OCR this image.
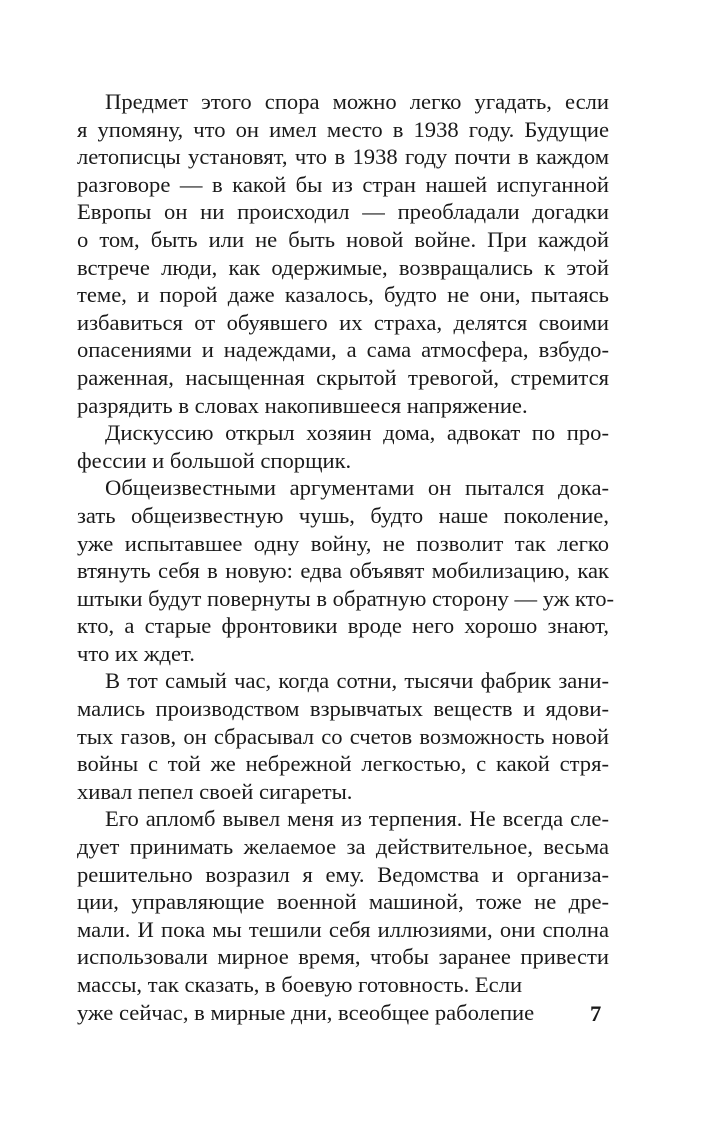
Предмет этого спора можно легко угадать, если
я упомяну, что он имел место в 1938 году. Будущие
летописцы установят, что в 1938 году почти в каждом
разговоре — в какой бы из стран нашей испуганной
Европы он ни происходил — преобладали догадки
о том, быть или не быть новой войне. При каждой
встрече люди, как одержимые, возвращались к этой
теме, и порой даже казалось, будто не они, пытаясь
избавиться от обуявшего их страха, делятся своими
опасениями и надеждами, а сама атмосфера, взбудо-
раженная, насыщенная скрытой тревогой, стремится
разрядить в словах накопившееся напряжение.
Дискуссию открыл хозяин дома, адвокат по про-
фессии и большой спорщик.
Общеизвестными аргументами он пытался дока-
зать общеизвестную чушь, будто наше поколение,
уже испытавшее одну войну, не позволит так легко
втянуть себя в новую: едва объявят мобилизацию, как
штыки будут повернуты в обратную сторону — уж кто-
кто, а старые фронтовики вроде него хорошо знают,
что их ждет.
В тот самый час, когда сотни, тысячи фабрик зани-
мались производством взрывчатых веществ и ядови-
тых газов, он сбрасывал со счетов возможность новой
войны с той же небрежной легкостью, с какой стря-
хивал пепел своей сигареты.
Его апломб вывел меня из терпения. Не всегда сле-
дует принимать желаемое за действительное, весьма
решительно возразил я ему. Ведомства и организа-
ции, управляющие военной машиной, тоже не дре-
мали. И пока мы тешили себя иллюзиями, они сполна
использовали мирное время, чтобы заранее привести
массы, так сказать, в боевую готовность. Если
уже сейчас, в мирные дни, всеобщее раболепие	7
